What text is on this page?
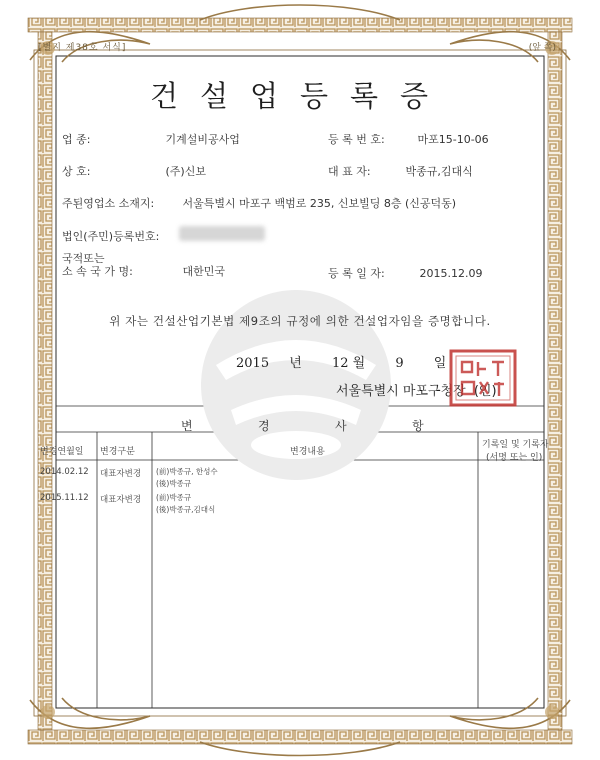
[별지 제38호 서식]	(앞 쪽)
건설업등록증
업 종:	기계설비공사업	등 록 번 호:	마포15-10-06
상 호:	(주)신보	대 표 자:	박종규,김대식
주된영업소 소재지:	서울특별시 마포구 백범로 235, 신보빌딩 8층 (신공덕동)
법인(주민)등록번호:
국적또는
소 속 국 가 명:	대한민국	등 록 일 자:	2015.12.09
위 자는 건설산업기본법 제9조의 규정에 의한 건설업자임을 증명합니다.
2015 년 12 월 9 일
서울특별시 마포구청장 (인)
변	경	사	항
변경연월일 변경구분	변경내용
기록일 및 기록자
(서명 또는 인)
2014.02.12 대표자변경 (前)박종규, 한성수
(後)박종규
2015.11.12 대표자변경 (前)박종규
(後)박종규,김대식
